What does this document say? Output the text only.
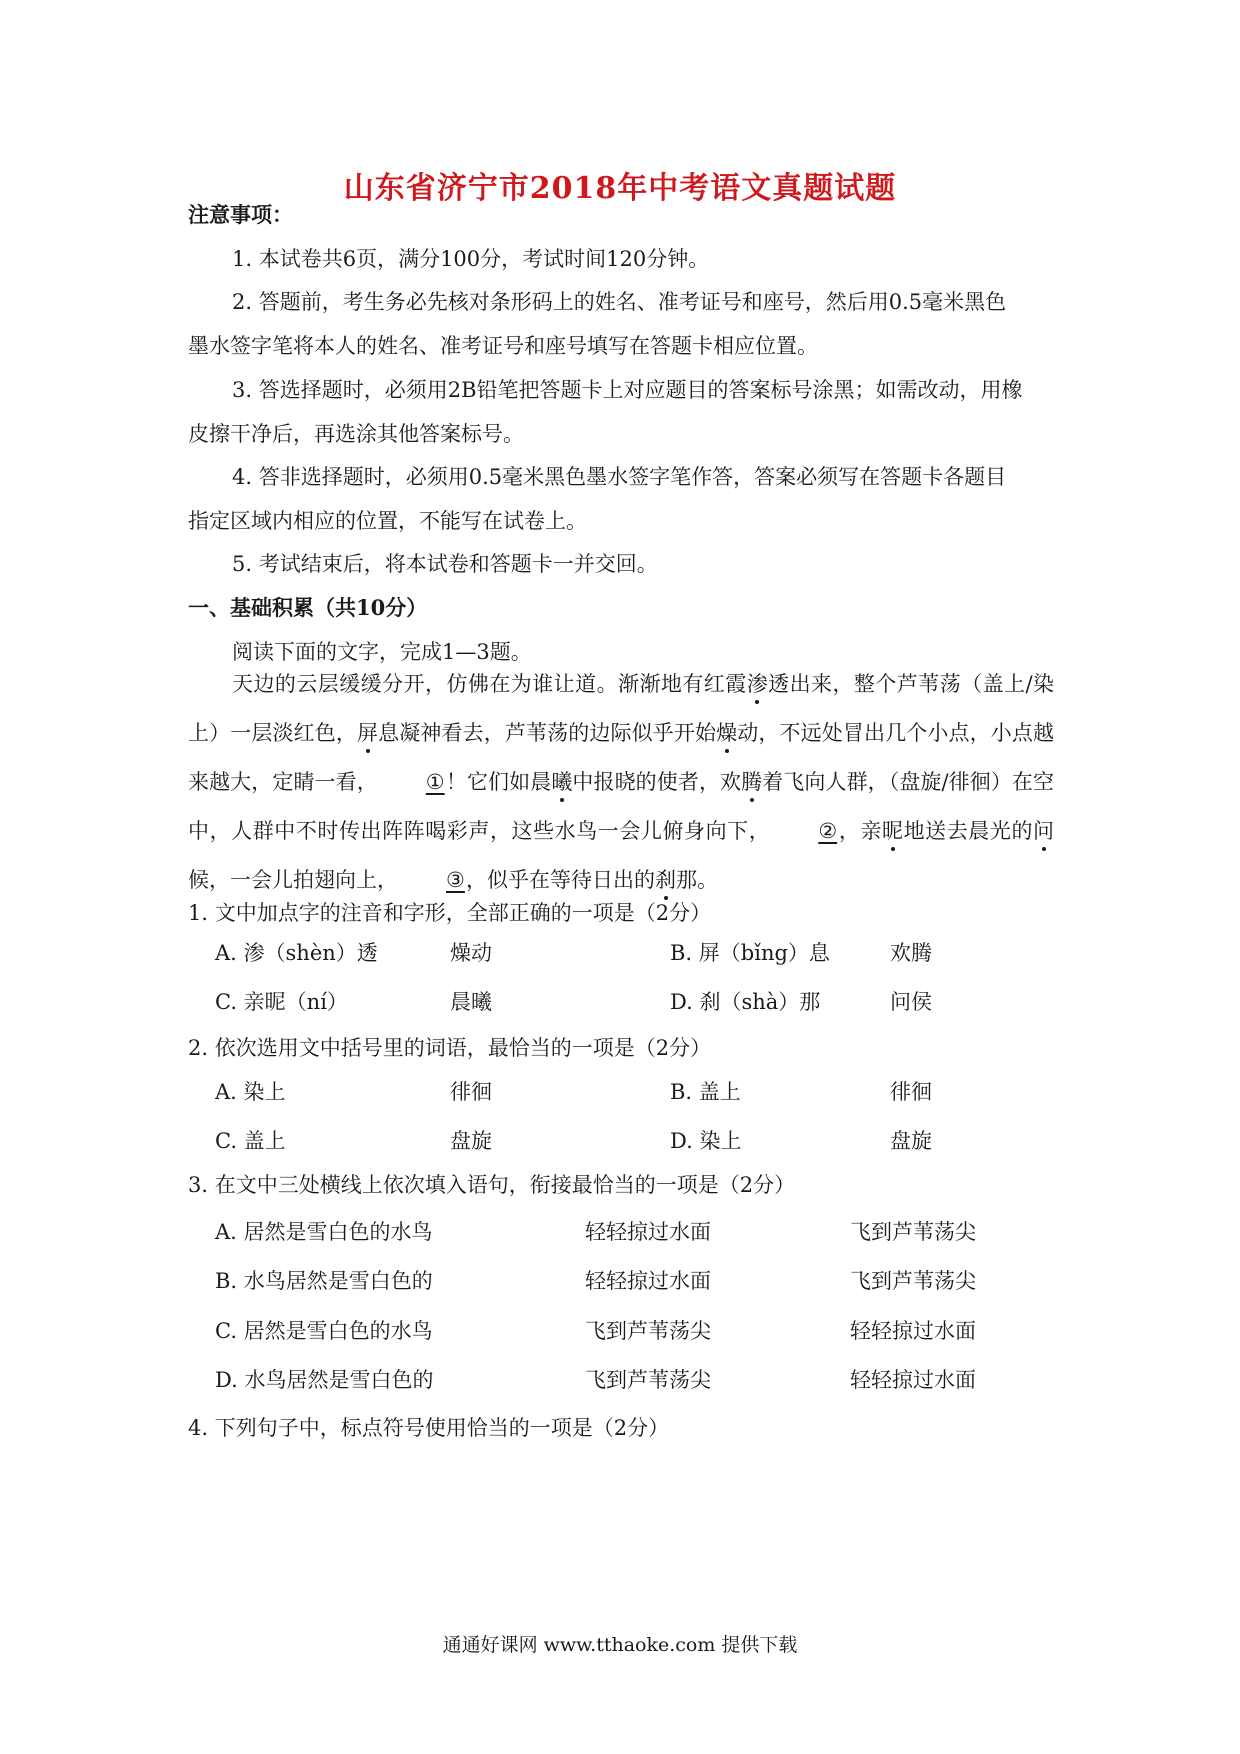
山东省济宁市2018年中考语文真题试题
注意事项：
1. 本试卷共6页，满分100分，考试时间120分钟。
2. 答题前，考生务必先核对条形码上的姓名、准考证号和座号，然后用0.5毫米黑色
墨水签字笔将本人的姓名、准考证号和座号填写在答题卡相应位置。
3. 答选择题时，必须用2B铅笔把答题卡上对应题目的答案标号涂黑；如需改动，用橡
皮擦干净后，再选涂其他答案标号。
4. 答非选择题时，必须用0.5毫米黑色墨水签字笔作答，答案必须写在答题卡各题目
指定区域内相应的位置，不能写在试卷上。
5. 考试结束后，将本试卷和答题卡一并交回。
一、基础积累（共10分）
阅读下面的文字，完成1—3题。
天边的云层缓缓分开，仿佛在为谁让道。渐渐地有红霞渗透出来，整个芦苇荡（盖上/染上）一层淡红色，屏息凝神看去，芦苇荡的边际似乎开始燥动，不远处冒出几个小点，小点越来越大，定睛一看， ①！它们如晨曦中报晓的使者，欢腾着飞向人群，（盘旋/徘徊）在空中，人群中不时传出阵阵喝彩声，这些水鸟一会儿俯身向下， ②，亲昵地送去晨光的问候，一会儿拍翅向上， ③，似乎在等待日出的刹那。
1. 文中加点字的注音和字形，全部正确的一项是（2分）
A. 渗（shèn）透	燥动	B. 屏（bǐng）息	欢腾
C. 亲昵（ní）	晨曦	D. 刹（shà）那	问侯
2. 依次选用文中括号里的词语，最恰当的一项是（2分）
A. 染上	徘徊	B. 盖上	徘徊
C. 盖上	盘旋	D. 染上	盘旋
3. 在文中三处横线上依次填入语句，衔接最恰当的一项是（2分）
A. 居然是雪白色的水鸟	轻轻掠过水面	飞到芦苇荡尖
B. 水鸟居然是雪白色的	轻轻掠过水面	飞到芦苇荡尖
C. 居然是雪白色的水鸟	飞到芦苇荡尖	轻轻掠过水面
D. 水鸟居然是雪白色的	飞到芦苇荡尖	轻轻掠过水面
4. 下列句子中，标点符号使用恰当的一项是（2分）
通通好课网 www.tthaoke.com 提供下载
